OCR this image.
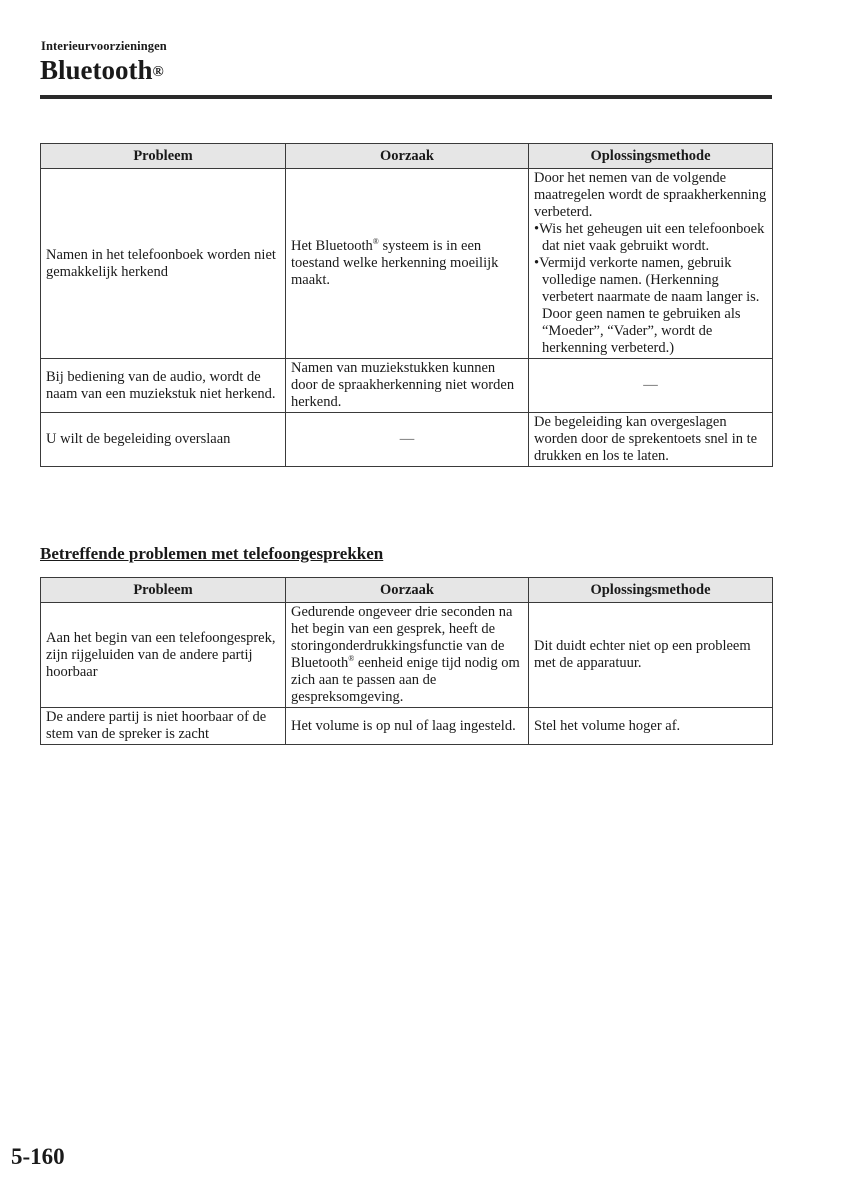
Interieurvoorzieningen
Bluetooth®
Probleem	Oorzaak	Oplossingsmethode
Namen in het telefoonboek worden niet gemakkelijk herkend	Het Bluetooth® systeem is in een toestand welke herkenning moeilijk maakt.	Door het nemen van de volgende maatregelen wordt de spraakherkenning verbeterd.
•Wis het geheugen uit een telefoonboek dat niet vaak gebruikt wordt.
•Vermijd verkorte namen, gebruik volledige namen. (Herkenning verbetert naarmate de naam langer is. Door geen namen te gebruiken als “Moeder”, “Vader”, wordt de herkenning verbeterd.)

Bij bediening van de audio, wordt de naam van een muziekstuk niet herkend.	Namen van muziekstukken kunnen door de spraakherkenning niet worden herkend.	—
U wilt de begeleiding overslaan	—	De begeleiding kan overgeslagen worden door de sprekentoets snel in te drukken en los te laten.
Betreffende problemen met telefoongesprekken
Probleem	Oorzaak	Oplossingsmethode
Aan het begin van een telefoongesprek, zijn rijgeluiden van de andere partij hoorbaar	Gedurende ongeveer drie seconden na het begin van een gesprek, heeft de storingonderdrukkingsfunctie van de Bluetooth® eenheid enige tijd nodig om zich aan te passen aan de gespreksomgeving.	Dit duidt echter niet op een probleem met de apparatuur.
De andere partij is niet hoorbaar of de stem van de spreker is zacht	Het volume is op nul of laag ingesteld.	Stel het volume hoger af.
5-160
